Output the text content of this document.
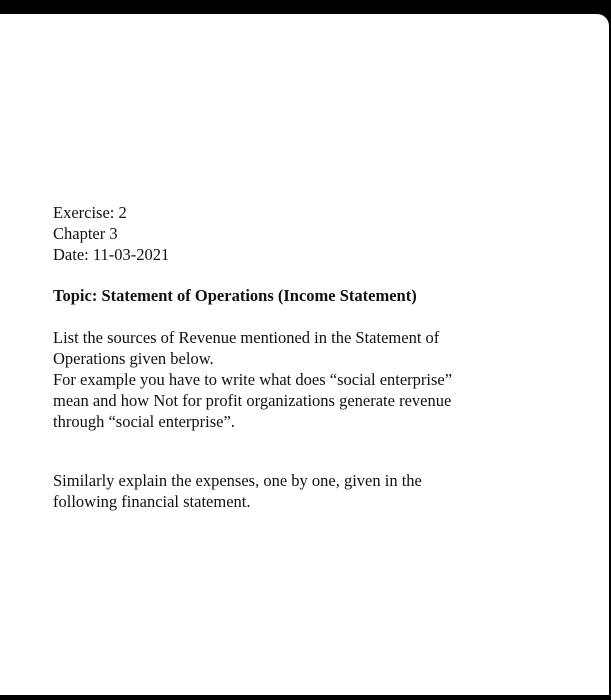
Exercise: 2
Chapter 3
Date: 11-03-2021
Topic: Statement of Operations (Income Statement)
List the sources of Revenue mentioned in the Statement of
Operations given below.
For example you have to write what does “social enterprise”
mean and how Not for profit organizations generate revenue
through “social enterprise”.
Similarly explain the expenses, one by one, given in the
following financial statement.
